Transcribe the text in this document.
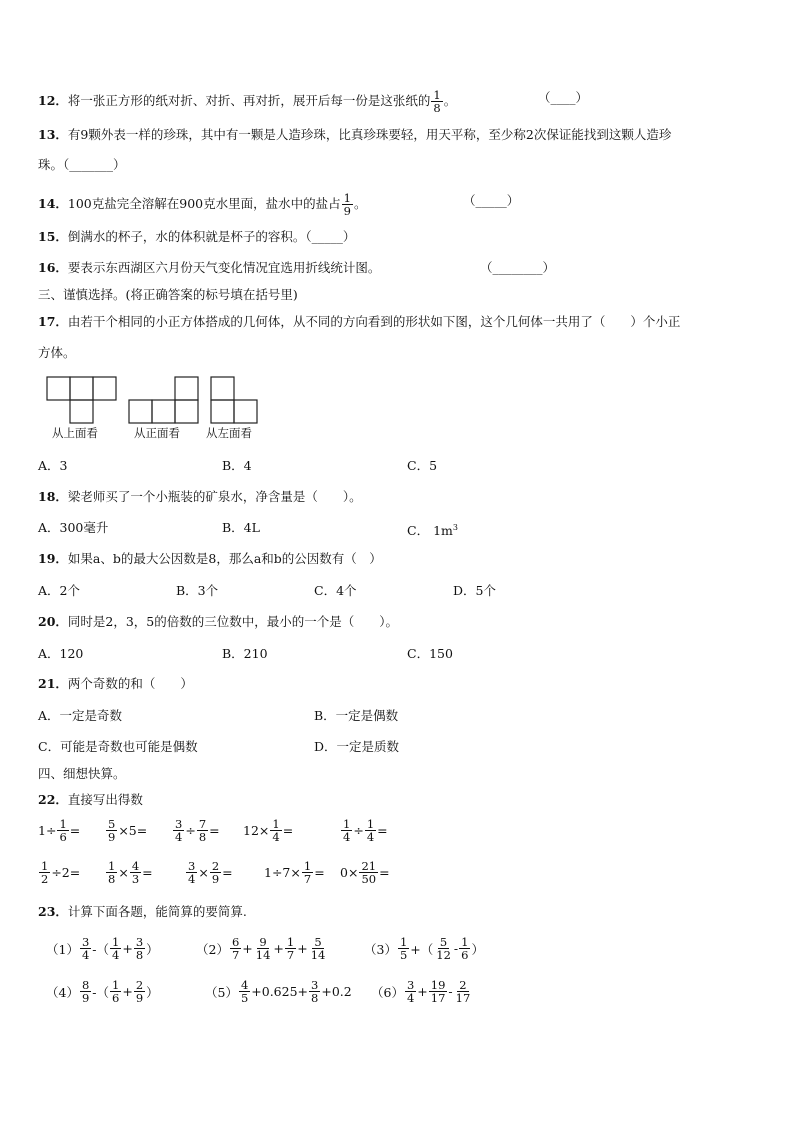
12．将一张正方形的纸对折、对折、再对折，展开后每一份是这张纸的 $\frac{1}{8}$ 。	（____）
13．有9颗外表一样的珍珠，其中有一颗是人造珍珠，比真珍珠要轻，用天平称，至少称2次保证能找到这颗人造珍
珠。（_______）
14．100克盐完全溶解在900克水里面，盐水中的盐占 $\frac{1}{9}$ 。	（_____）
15．倒满水的杯子，水的体积就是杯子的容积。（_____）
16．要表示东西湖区六月份天气变化情况宜选用折线统计图。	（________）
三、谨慎选择。(将正确答案的标号填在括号里)
17．由若干个相同的小正方体搭成的几何体，从不同的方向看到的形状如下图，这个几何体一共用了（　　）个小正
方体。
从上面看	从正面看 从左面看
A．3	B．4	C．5
18．梁老师买了一个小瓶装的矿泉水，净含量是（　　）。
A．300毫升	B．4L	C． $1m^3$
19．如果a、b的最大公因数是8，那么a和b的公因数有（　）
A．2个	B．3个	C．4个	D．5个
20．同时是2，3，5的倍数的三位数中，最小的一个是（　　）。
A．120	B．210	C．150
21．两个奇数的和（　　）
A．一定是奇数	B．一定是偶数
C．可能是奇数也可能是偶数	D．一定是质数
四、细想快算。
22．直接写出得数
$1\div \frac{1}{6} = \frac{5}{9} \times 5= \frac{3}{4} \div \frac{7}{8} = 12\times \frac{1}{4}$ =	$\frac{1}{4} \div \frac{1}{4}$ =
$\frac{1}{2} \div 2= \frac{1}{8} \times \frac{4}{3}$ =	$\frac{3}{4} \times \frac{2}{9}$ =	$1\div 7\times \frac{1}{7} = 0\times \frac{21}{50}$ =
23．计算下面各题，能简算的要简算.
$(1) \frac{3}{4}$ -（ $\frac{1}{4} + \frac{3}{8}$ ）	$(2) \frac{6}{7} + \frac{9}{14} + \frac{1}{7} + \frac{5}{14}$	$(3) \frac{1}{5}$ +（ $\frac{5}{12} - \frac{1}{6}$ ）
$(4) \frac{8}{9}$ -（ $\frac{1}{6} + \frac{2}{9}$ ）	$(5) \frac{4}{5} +0.625+ \frac{3}{8} +0.2$ $(6) \frac{3}{4} + \frac{19}{17} - \frac{2}{17}$
